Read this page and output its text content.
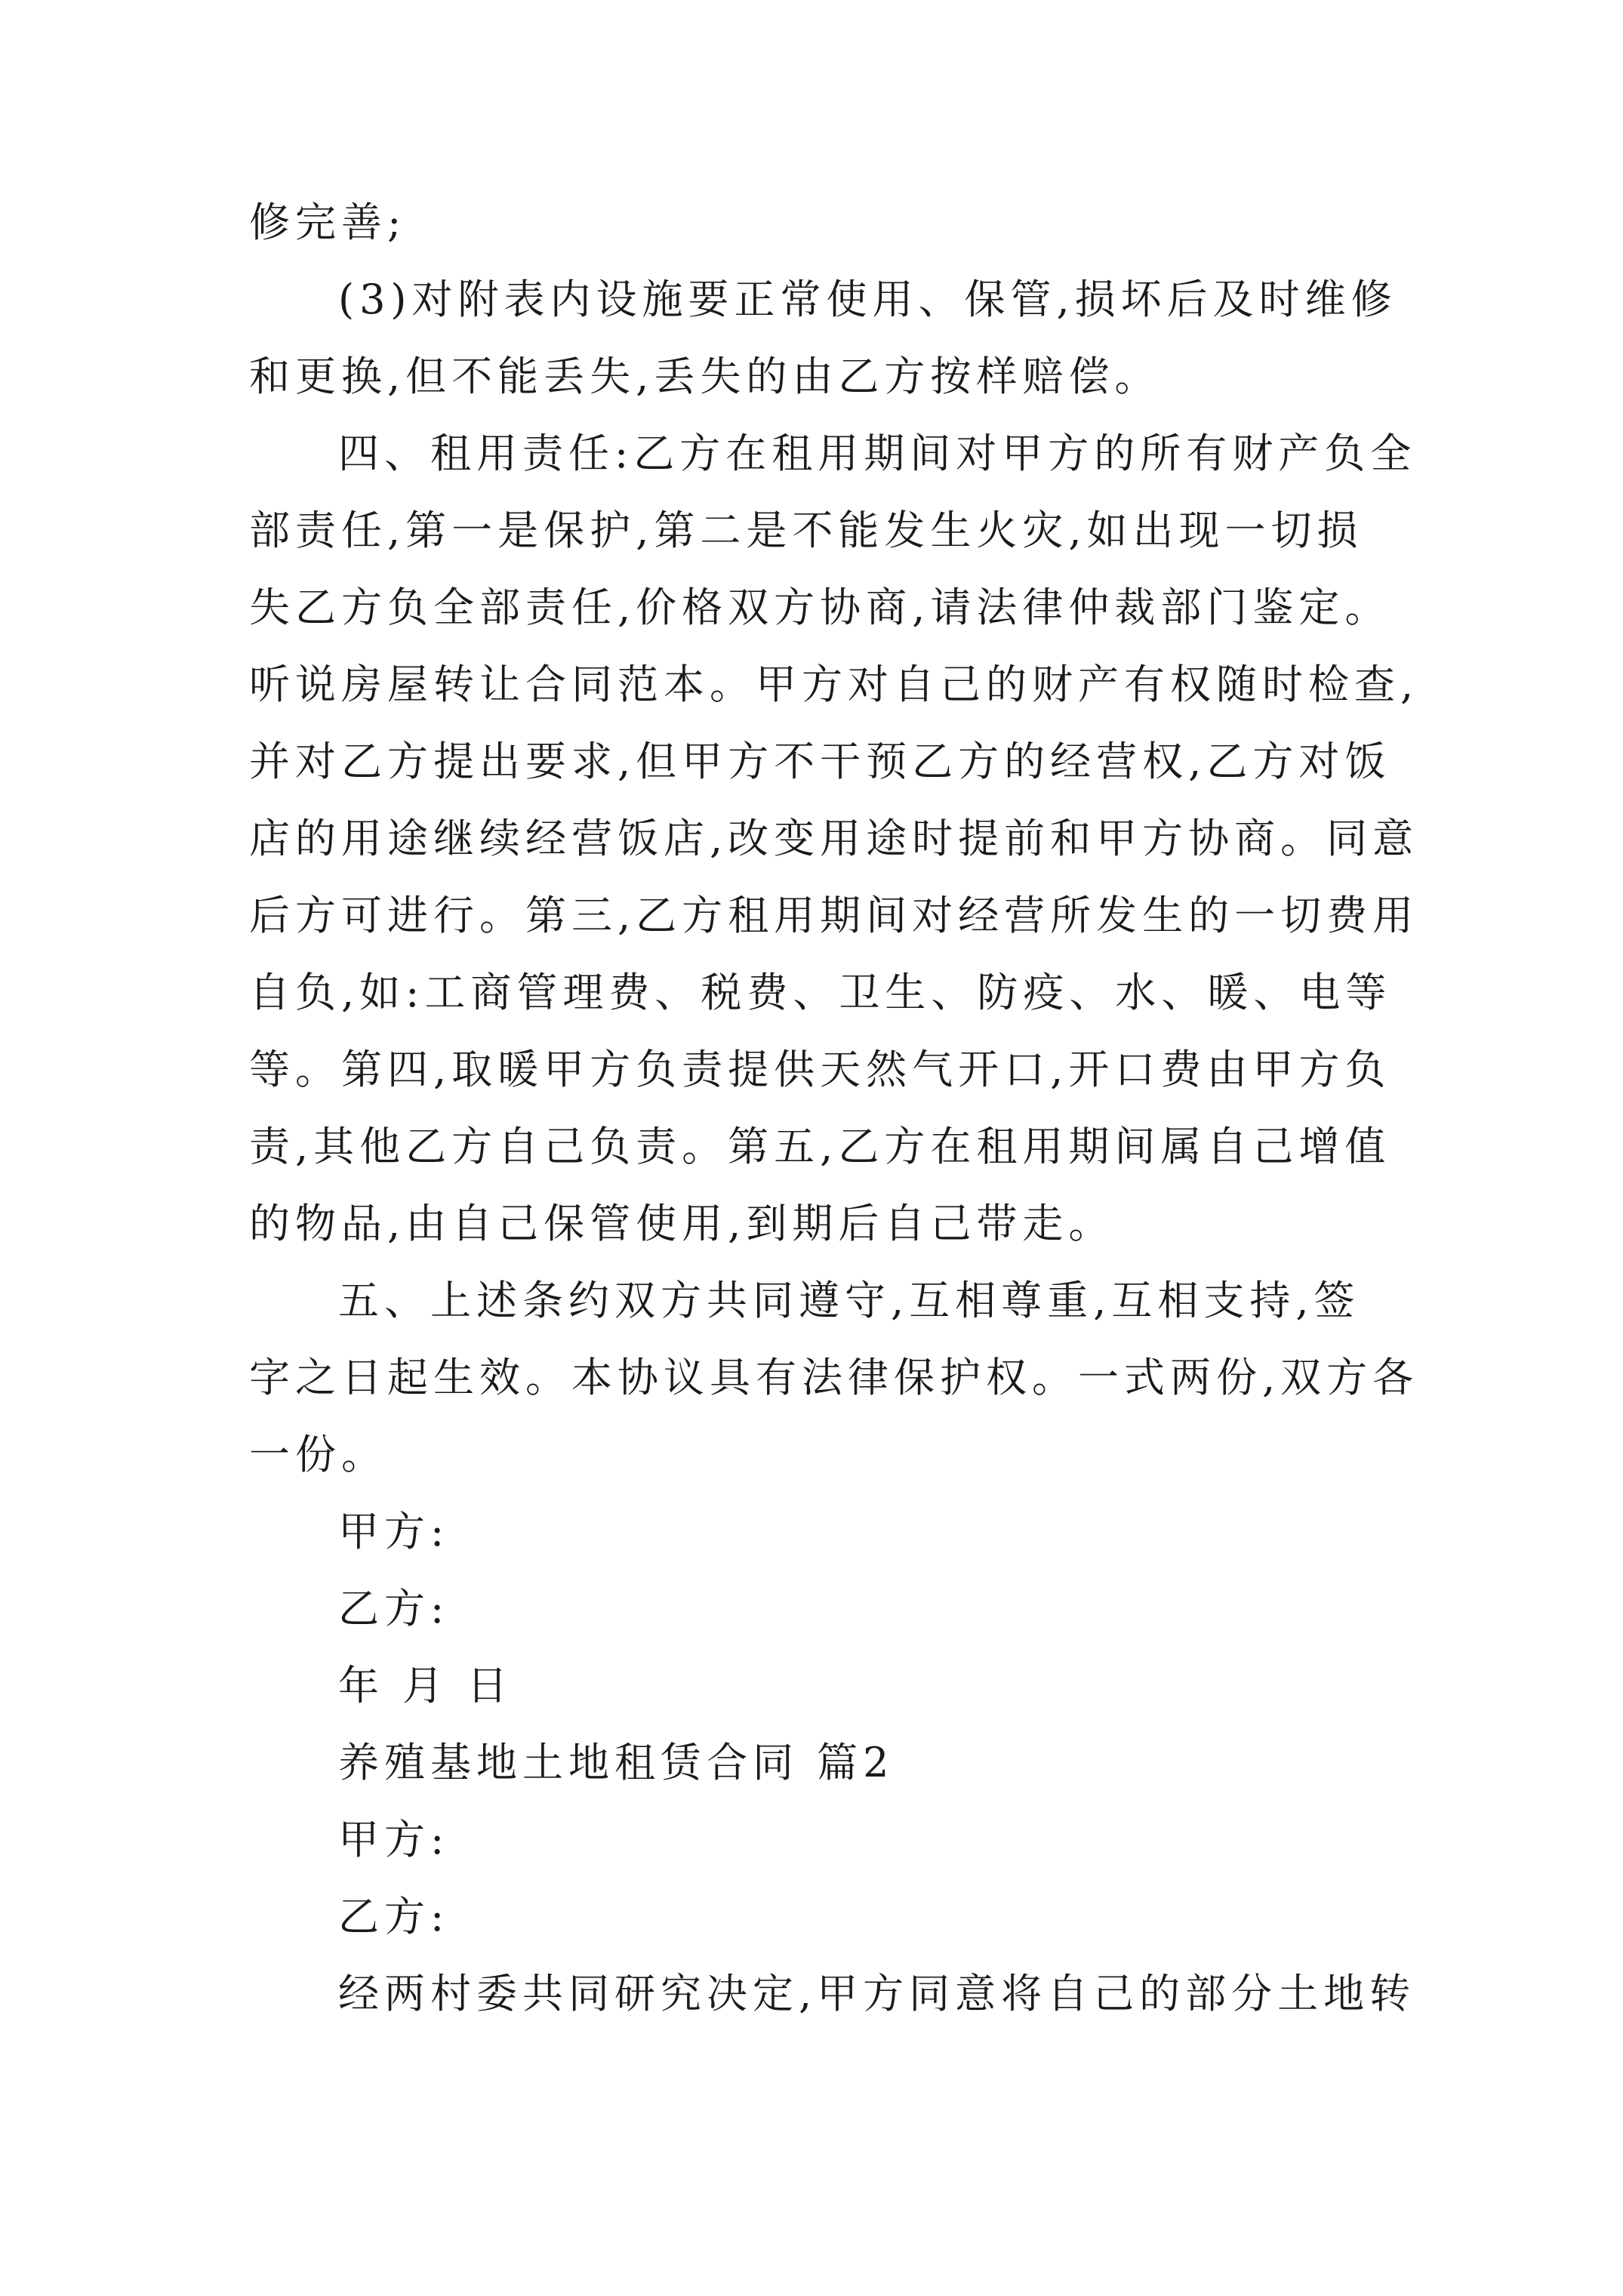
修完善;
(3)对附表内设施要正常使用、保管,损坏后及时维修
和更换,但不能丢失,丢失的由乙方按样赔偿。
四、租用责任:乙方在租用期间对甲方的所有财产负全
部责任,第一是保护,第二是不能发生火灾,如出现一切损
失乙方负全部责任,价格双方协商,请法律仲裁部门鉴定。
听说房屋转让合同范本。甲方对自己的财产有权随时检查,
并对乙方提出要求,但甲方不干预乙方的经营权,乙方对饭
店的用途继续经营饭店,改变用途时提前和甲方协商。同意
后方可进行。第三,乙方租用期间对经营所发生的一切费用
自负,如:工商管理费、税费、卫生、防疫、水、暖、电等
等。第四,取暖甲方负责提供天然气开口,开口费由甲方负
责,其他乙方自己负责。第五,乙方在租用期间属自己增值
的物品,由自己保管使用,到期后自己带走。
五、上述条约双方共同遵守,互相尊重,互相支持,签
字之日起生效。本协议具有法律保护权。一式两份,双方各
一份。
甲方:
乙方:
年 月 日
养殖基地土地租赁合同 篇2
甲方:
乙方:
经两村委共同研究决定,甲方同意将自己的部分土地转
